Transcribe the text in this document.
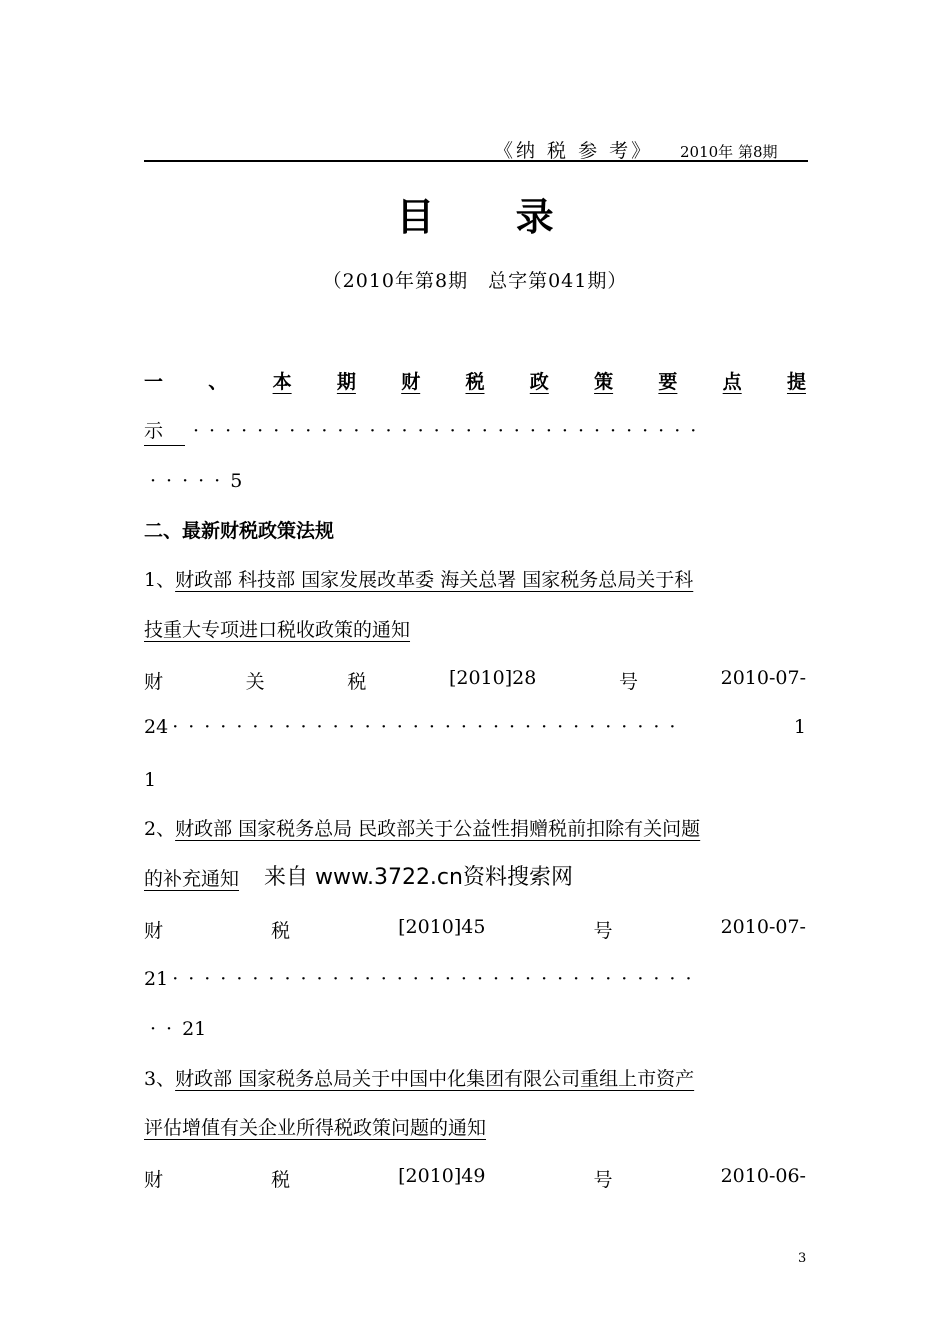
《纳 税 参 考》 2010年 第8期
目 录
（2010年第8期　总字第041期）
一 、 本 期 财 税 政 策 要 点 提
示 ································
·····5
二、最新财税政策法规
1、财政部 科技部 国家发展改革委 海关总署 国家税务总局关于科
技重大专项进口税收政策的通知
财	关	税	[2010]28	号	2010-07-
24 ································	1
1
2、财政部 国家税务总局 民政部关于公益性捐赠税前扣除有关问题
的补充通知 来自 www.3722.cn资料搜索网
财	税	[2010]45	号	2010-07-
21 ·································
··21
3、财政部 国家税务总局关于中国中化集团有限公司重组上市资产
评估增值有关企业所得税政策问题的通知
财	税	[2010]49	号	2010-06-
3
